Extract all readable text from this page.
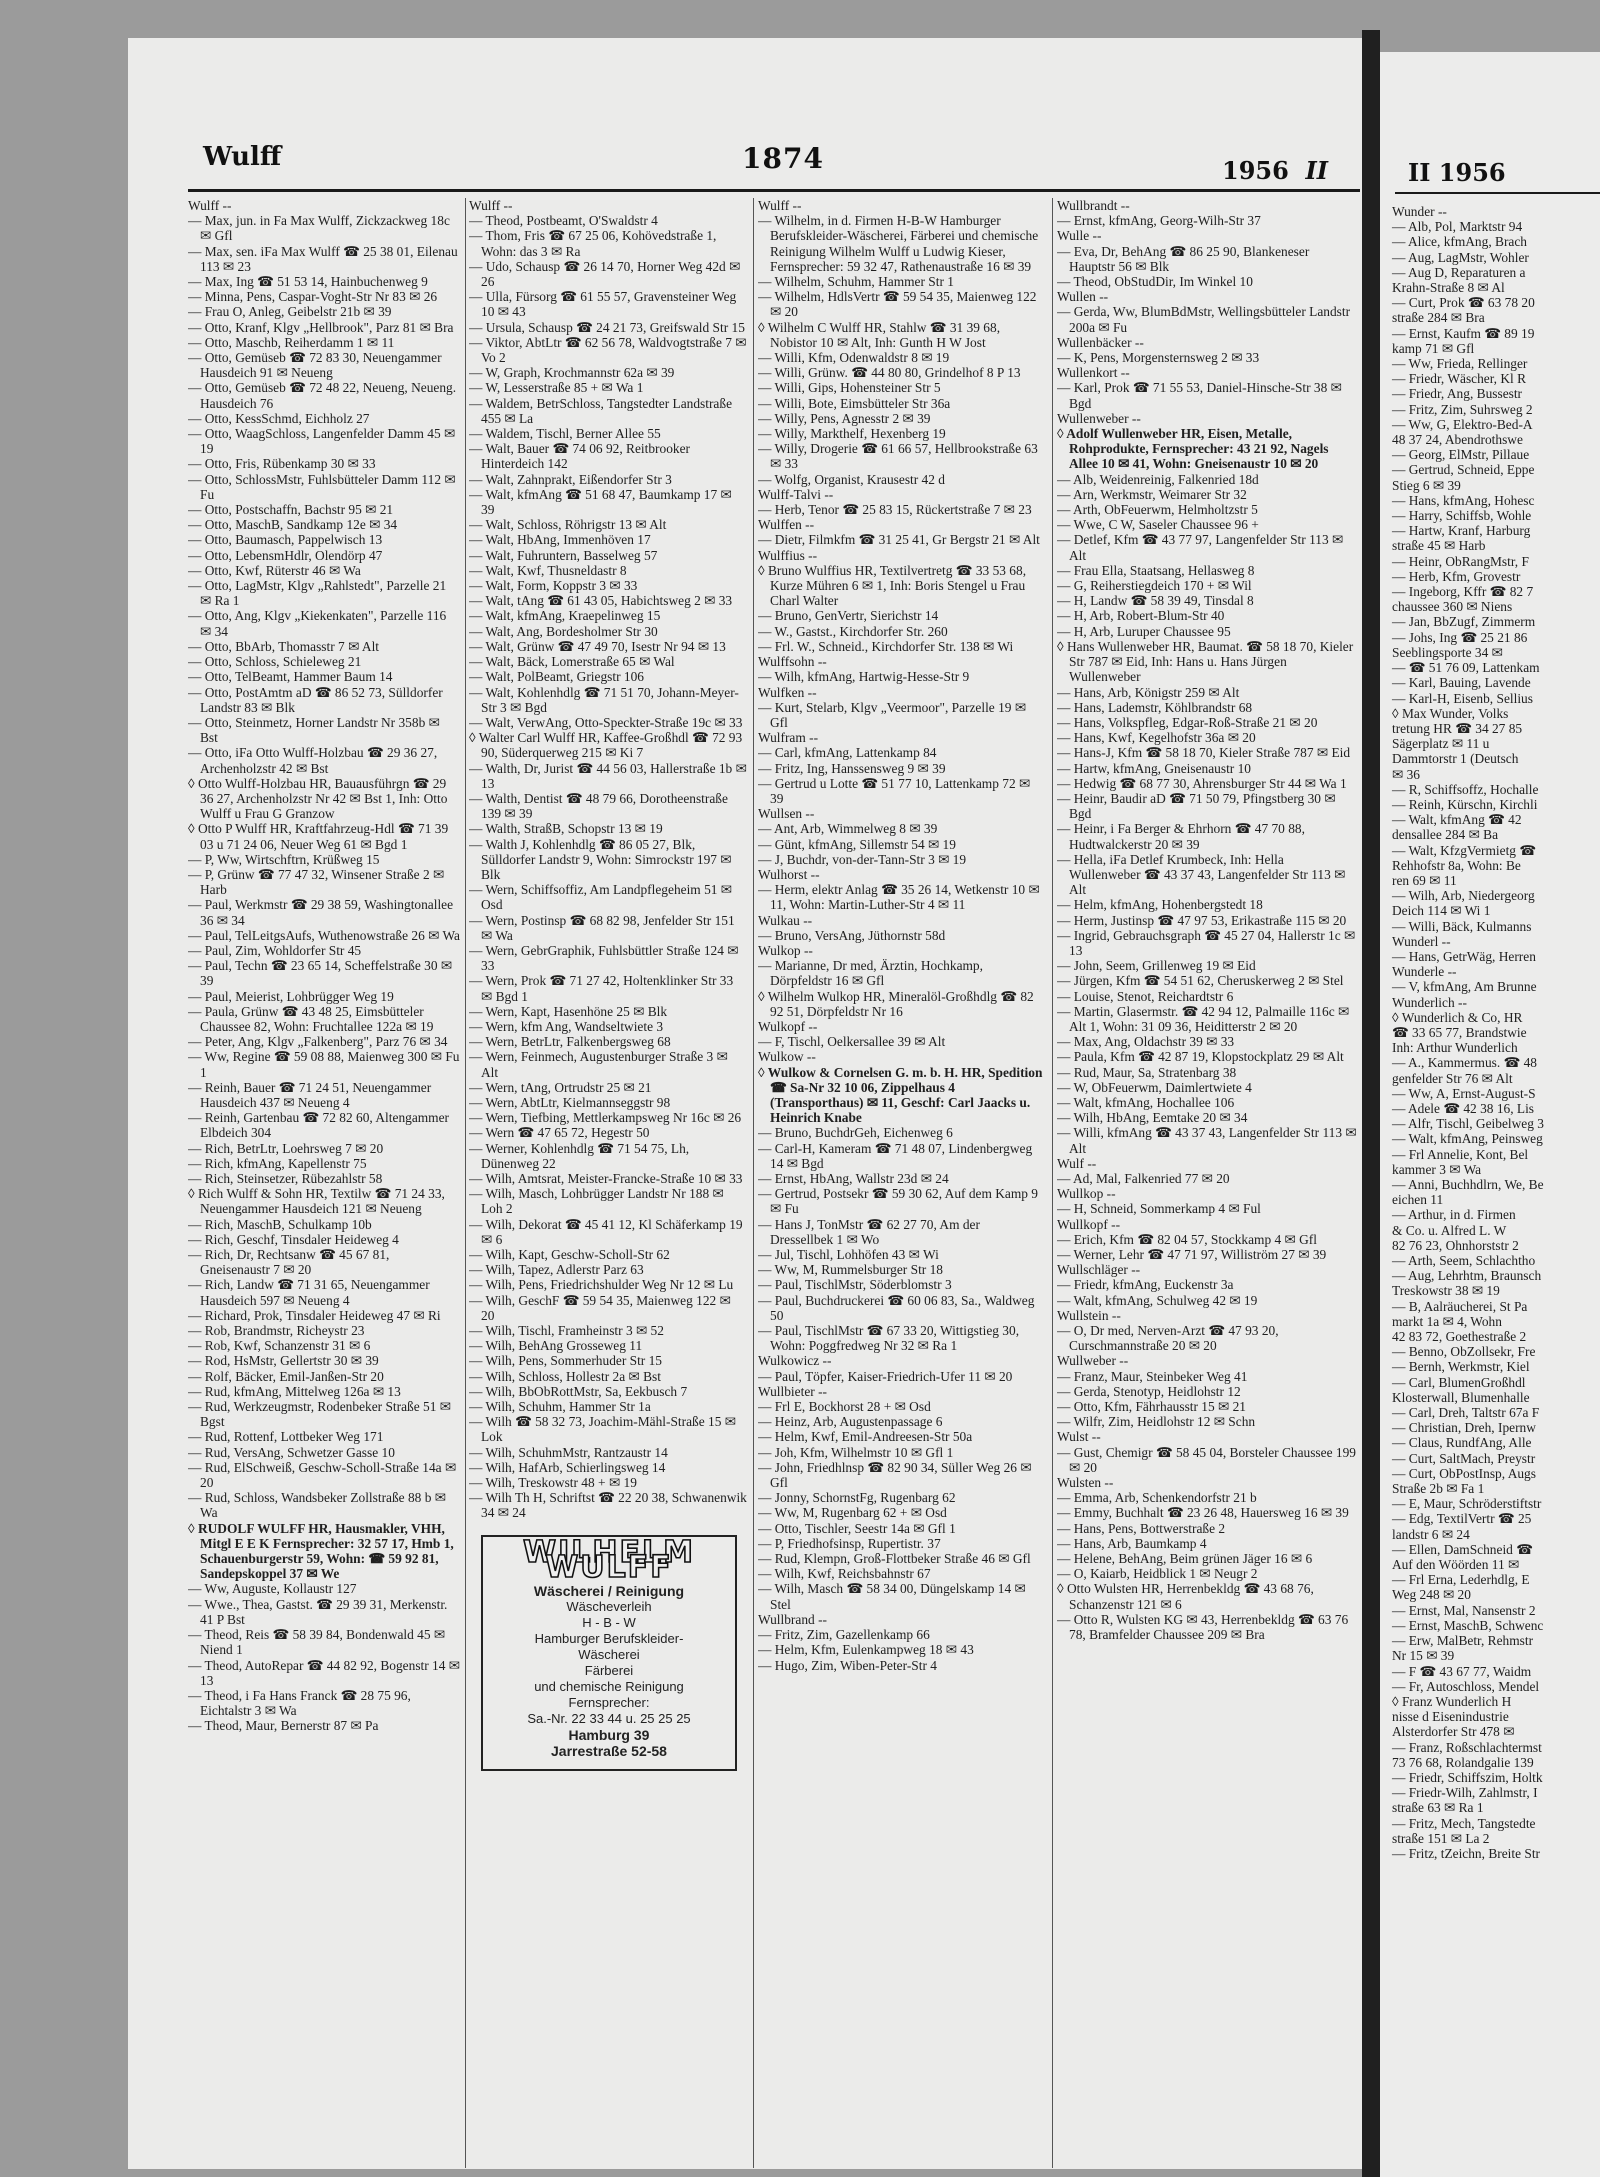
Wunder --
— Alb, Pol, Marktstr 94
— Alice, kfmAng, Brach
— Aug, LagMstr, Wohler
— Aug D, Reparaturen a
Krahn-Straße 8 ✉ Al
— Curt, Prok ☎ 63 78 20
straße 284 ✉ Bra
— Ernst, Kaufm ☎ 89 19
kamp 71 ✉ Gfl
— Ww, Frieda, Rellinger
— Friedr, Wäscher, Kl R
— Friedr, Ang, Bussestr
— Fritz, Zim, Suhrsweg 2
— Ww, G, Elektro-Bed-A
48 37 24, Abendrothswe
— Georg, ElMstr, Pillaue
— Gertrud, Schneid, Eppe
Stieg 6 ✉ 39
— Hans, kfmAng, Hohesc
— Harry, Schiffsb, Wohle
— Hartw, Kranf, Harburg
straße 45 ✉ Harb
— Heinr, ObRangMstr, F
— Herb, Kfm, Grovestr
— Ingeborg, Kffr ☎ 82 7
chaussee 360 ✉ Niens
— Jan, BbZugf, Zimmerm
— Johs, Ing ☎ 25 21 86
Seeblingsporte 34 ✉
— ☎ 51 76 09, Lattenkam
— Karl, Bauing, Lavende
— Karl-H, Eisenb, Sellius
◊ Max Wunder, Volks
tretung HR ☎ 34 27 85
Sägerplatz ✉ 11 u
Dammtorstr 1 (Deutsch
✉ 36
— R, Schiffsoffz, Hochalle
— Reinh, Kürschn, Kirchli
— Walt, kfmAng ☎ 42
densallee 284 ✉ Ba
— Walt, KfzgVermietg ☎
Rehhofstr 8a, Wohn: Be
ren 69 ✉ 11
— Wilh, Arb, Niedergeorg
Deich 114 ✉ Wi 1
— Willi, Bäck, Kulmanns
Wunderl --
— Hans, GetrWäg, Herren
Wunderle --
— V, kfmAng, Am Brunne
Wunderlich --
◊ Wunderlich & Co, HR
☎ 33 65 77, Brandstwie
Inh: Arthur Wunderlich
— A., Kammermus. ☎ 48
genfelder Str 76 ✉ Alt
— Ww, A, Ernst-August-S
— Adele ☎ 42 38 16, Lis
— Alfr, Tischl, Geibelweg 3
— Walt, kfmAng, Peinsweg
— Frl Annelie, Kont, Bel
kammer 3 ✉ Wa
— Anni, Buchhdlrn, We, Be
eichen 11
— Arthur, in d. Firmen
& Co. u. Alfred L. W
82 76 23, Ohnhorststr 2
— Arth, Seem, Schlachtho
— Aug, Lehrhtm, Braunsch
Treskowstr 38 ✉ 19
— B, Aalräucherei, St Pa
markt 1a ✉ 4, Wohn
42 83 72, Goethestraße 2
— Benno, ObZollsekr, Fre
— Bernh, Werkmstr, Kiel
— Carl, BlumenGroßhdl
Klosterwall, Blumenhalle
— Carl, Dreh, Taltstr 67a F
— Christian, Dreh, Ipernw
— Claus, RundfAng, Alle
— Curt, SaltMach, Preystr
— Curt, ObPostInsp, Augs
Straße 2b ✉ Fa 1
— E, Maur, Schröderstiftstr
— Edg, TextilVertr ☎ 25
landstr 6 ✉ 24
— Ellen, DamSchneid ☎
Auf den Wöörden 11 ✉
— Frl Erna, Lederhdlg, E
Weg 248 ✉ 20
— Ernst, Mal, Nansenstr 2
— Ernst, MaschB, Schwenc
— Erw, MalBetr, Rehmstr
Nr 15 ✉ 39
— F ☎ 43 67 77, Waidm
— Fr, Autoschloss, Mendel
◊ Franz Wunderlich H
nisse d Eisenindustrie
Alsterdorfer Str 478 ✉
— Franz, Roßschlachtermst
73 76 68, Rolandgalie 139
— Friedr, Schiffszim, Holtk
— Friedr-Wilh, Zahlmstr, I
straße 63 ✉ Ra 1
— Fritz, Mech, Tangstedte
straße 151 ✉ La 2
— Fritz, tZeichn, Breite Str
Wulff	1874	1956 II	II 1956

Wulff --

— Max, jun. in Fa Max Wulff, Zickzackweg 18c ✉ Gfl

— Max, sen. iFa Max Wulff ☎ 25 38 01, Eilenau 113 ✉ 23

— Max, Ing ☎ 51 53 14, Hainbuchenweg 9

— Minna, Pens, Caspar-Voght-Str Nr 83 ✉ 26

— Frau O, Anleg, Geibelstr 21b ✉ 39

— Otto, Kranf, Klgv „Hellbrook", Parz 81 ✉ Bra

— Otto, Maschb, Reiherdamm 1 ✉ 11

— Otto, Gemüseb ☎ 72 83 30, Neuengammer Hausdeich 91 ✉ Neueng

— Otto, Gemüseb ☎ 72 48 22, Neueng, Neueng. Hausdeich 76

— Otto, KessSchmd, Eichholz 27

— Otto, WaagSchloss, Langenfelder Damm 45 ✉ 19

— Otto, Fris, Rübenkamp 30 ✉ 33

— Otto, SchlossMstr, Fuhlsbütteler Damm 112 ✉ Fu

— Otto, Postschaffn, Bachstr 95 ✉ 21

— Otto, MaschB, Sandkamp 12e ✉ 34

— Otto, Baumasch, Pappelwisch 13

— Otto, LebensmHdlr, Olendörp 47

— Otto, Kwf, Rüterstr 46 ✉ Wa

— Otto, LagMstr, Klgv „Rahlstedt", Parzelle 21 ✉ Ra 1

— Otto, Ang, Klgv „Kiekenkaten", Parzelle 116 ✉ 34

— Otto, BbArb, Thomasstr 7 ✉ Alt

— Otto, Schloss, Schieleweg 21

— Otto, TelBeamt, Hammer Baum 14

— Otto, PostAmtm aD ☎ 86 52 73, Sülldorfer Landstr 83 ✉ Blk

— Otto, Steinmetz, Horner Landstr Nr 358b ✉ Bst

— Otto, iFa Otto Wulff-Holzbau ☎ 29 36 27, Archenholzstr 42 ✉ Bst

◊ Otto Wulff-Holzbau HR, Bauausführgn ☎ 29 36 27, Archenholzstr Nr 42 ✉ Bst 1, Inh: Otto Wulff u Frau G Granzow

◊ Otto P Wulff HR, Kraftfahrzeug-Hdl ☎ 71 39 03 u 71 24 06, Neuer Weg 61 ✉ Bgd 1

— P, Ww, Wirtschftrn, Krüßweg 15

— P, Grünw ☎ 77 47 32, Winsener Straße 2 ✉ Harb

— Paul, Werkmstr ☎ 29 38 59, Washingtonallee 36 ✉ 34

— Paul, TelLeitgsAufs, Wuthenowstraße 26 ✉ Wa

— Paul, Zim, Wohldorfer Str 45

— Paul, Techn ☎ 23 65 14, Scheffelstraße 30 ✉ 39

— Paul, Meierist, Lohbrügger Weg 19

— Paula, Grünw ☎ 43 48 25, Eimsbütteler Chaussee 82, Wohn: Fruchtallee 122a ✉ 19

— Peter, Ang, Klgv „Falkenberg", Parz 76 ✉ 34

— Ww, Regine ☎ 59 08 88, Maienweg 300 ✉ Fu 1

— Reinh, Bauer ☎ 71 24 51, Neuengammer Hausdeich 437 ✉ Neueng 4

— Reinh, Gartenbau ☎ 72 82 60, Altengammer Elbdeich 304

— Rich, BetrLtr, Loehrsweg 7 ✉ 20

— Rich, kfmAng, Kapellenstr 75

— Rich, Steinsetzer, Rübezahlstr 58

◊ Rich Wulff & Sohn HR, Textilw ☎ 71 24 33, Neuengammer Hausdeich 121 ✉ Neueng

— Rich, MaschB, Schulkamp 10b

— Rich, Geschf, Tinsdaler Heideweg 4

— Rich, Dr, Rechtsanw ☎ 45 67 81, Gneisenaustr 7 ✉ 20

— Rich, Landw ☎ 71 31 65, Neuengammer Hausdeich 597 ✉ Neueng 4

— Richard, Prok, Tinsdaler Heideweg 47 ✉ Ri

— Rob, Brandmstr, Richeystr 23

— Rob, Kwf, Schanzenstr 31 ✉ 6

— Rod, HsMstr, Gellertstr 30 ✉ 39

— Rolf, Bäcker, Emil-Janßen-Str 20

— Rud, kfmAng, Mittelweg 126a ✉ 13

— Rud, Werkzeugmstr, Rodenbeker Straße 51 ✉ Bgst

— Rud, Rottenf, Lottbeker Weg 171

— Rud, VersAng, Schwetzer Gasse 10

— Rud, ElSchweiß, Geschw-Scholl-Straße 14a ✉ 20

— Rud, Schloss, Wandsbeker Zollstraße 88 b ✉ Wa

◊ RUDOLF WULFF HR, Hausmakler, VHH, Mitgl E E K Fernsprecher: 32 57 17, Hmb 1, Schauenburgerstr 59, Wohn: ☎ 59 92 81, Sandерskoppel 37 ✉ We

— Ww, Auguste, Kollaustr 127

— Wwe., Thea, Gastst. ☎ 29 39 31, Merkenstr. 41 P Bst

— Theod, Reis ☎ 58 39 84, Bondenwald 45 ✉ Niend 1

— Theod, AutoRepar ☎ 44 82 92, Bogenstr 14 ✉ 13

— Theod, i Fa Hans Franck ☎ 28 75 96, Eichtalstr 3 ✉ Wa

— Theod, Maur, Bernerstr 87 ✉ Pa

Wulff --

— Theod, Postbeamt, O'Swaldstr 4

— Thom, Fris ☎ 67 25 06, Kohövedstraße 1, Wohn: das 3 ✉ Ra

— Udo, Schausp ☎ 26 14 70, Horner Weg 42d ✉ 26

— Ulla, Fürsorg ☎ 61 55 57, Gravensteiner Weg 10 ✉ 43

— Ursula, Schausp ☎ 24 21 73, Greifswald Str 15

— Viktor, AbtLtr ☎ 62 56 78, Waldvogtstraße 7 ✉ Vo 2

— W, Graph, Krochmannstr 62a ✉ 39

— W, Lesserstraße 85 + ✉ Wa 1

— Waldem, BetrSchloss, Tangstedter Landstraße 455 ✉ La

— Waldem, Tischl, Berner Allee 55

— Walt, Bauer ☎ 74 06 92, Reitbrooker Hinterdeich 142

— Walt, Zahnprakt, Eißendorfer Str 3

— Walt, kfmAng ☎ 51 68 47, Baumkamp 17 ✉ 39

— Walt, Schloss, Röhrigstr 13 ✉ Alt

— Walt, HbAng, Immenhöven 17

— Walt, Fuhruntern, Basselweg 57

— Walt, Kwf, Thusneldastr 8

— Walt, Form, Koppstr 3 ✉ 33

— Walt, tAng ☎ 61 43 05, Habichtsweg 2 ✉ 33

— Walt, kfmAng, Kraepelinweg 15

— Walt, Ang, Bordesholmer Str 30

— Walt, Grünw ☎ 47 49 70, Isestr Nr 94 ✉ 13

— Walt, Bäck, Lomerstraße 65 ✉ Wal

— Walt, PolBeamt, Griegstr 106

— Walt, Kohlenhdlg ☎ 71 51 70, Johann-Meyer-Str 3 ✉ Bgd

— Walt, VerwAng, Otto-Speckter-Straße 19c ✉ 33

◊ Walter Carl Wulff HR, Kaffee-Großhdl ☎ 72 93 90, Süderquerweg 215 ✉ Ki 7

— Walth, Dr, Jurist ☎ 44 56 03, Hallerstraße 1b ✉ 13

— Walth, Dentist ☎ 48 79 66, Dorotheenstraße 139 ✉ 39

— Walth, StraßB, Schopstr 13 ✉ 19

— Walth J, Kohlenhdlg ☎ 86 05 27, Blk, Sülldorfer Landstr 9, Wohn: Simrockstr 197 ✉ Blk

— Wern, Schiffsoffiz, Am Landpflegeheim 51 ✉ Osd

— Wern, Postinsp ☎ 68 82 98, Jenfelder Str 151 ✉ Wa

— Wern, GebrGraphik, Fuhlsbüttler Straße 124 ✉ 33

— Wern, Prok ☎ 71 27 42, Holtenklinker Str 33 ✉ Bgd 1

— Wern, Kapt, Hasenhöne 25 ✉ Blk

— Wern, kfm Ang, Wandseltwiete 3

— Wern, BetrLtr, Falkenbergsweg 68

— Wern, Feinmech, Augustenburger Straße 3 ✉ Alt

— Wern, tAng, Ortrudstr 25 ✉ 21

— Wern, AbtLtr, Kielmannseggstr 98

— Wern, Tiefbing, Mettlerkampsweg Nr 16c ✉ 26

— Wern ☎ 47 65 72, Hegestr 50

— Werner, Kohlenhdlg ☎ 71 54 75, Lh, Dünenweg 22

— Wilh, Amtsrat, Meister-Francke-Straße 10 ✉ 33

— Wilh, Masch, Lohbrügger Landstr Nr 188 ✉ Loh 2

— Wilh, Dekorat ☎ 45 41 12, Kl Schäferkamp 19 ✉ 6

— Wilh, Kapt, Geschw-Scholl-Str 62

— Wilh, Tapez, Adlerstr Parz 63

— Wilh, Pens, Friedrichshulder Weg Nr 12 ✉ Lu

— Wilh, GeschF ☎ 59 54 35, Maienweg 122 ✉ 20

— Wilh, Tischl, Framheinstr 3 ✉ 52

— Wilh, BehAng Grosseweg 11

— Wilh, Pens, Sommerhuder Str 15

— Wilh, Schloss, Hollestr 2a ✉ Bst

— Wilh, BbObRottMstr, Sa, Eekbusch 7

— Wilh, Schuhm, Hammer Str 1a

— Wilh ☎ 58 32 73, Joachim-Mähl-Straße 15 ✉ Lok

— Wilh, SchuhmMstr, Rantzaustr 14

— Wilh, HafArb, Schierlingsweg 14

— Wilh, Treskowstr 48 + ✉ 19

— Wilh Th H, Schriftst ☎ 22 20 38, Schwanenwik 34 ✉ 24

WILHELM WULFF
Wäscherei / Reinigung
Wäscheverleih
H - B - W
Hamburger Berufskleider-
Wäscherei
Färberei
und chemische Reinigung
Fernsprecher:
Sa.-Nr. 22 33 44 u. 25 25 25
Hamburg 39
Jarrestraße 52-58

Wulff --

— Wilhelm, in d. Firmen H-B-W Hamburger Berufskleider-Wäscherei, Färberei und chemische Reinigung Wilhelm Wulff u Ludwig Kieser, Fernsprecher: 59 32 47, Rathenaustraße 16 ✉ 39

— Wilhelm, Schuhm, Hammer Str 1

— Wilhelm, HdlsVertr ☎ 59 54 35, Maienweg 122 ✉ 20

◊ Wilhelm C Wulff HR, Stahlw ☎ 31 39 68, Nobistor 10 ✉ Alt, Inh: Gunth H W Jost

— Willi, Kfm, Odenwaldstr 8 ✉ 19

— Willi, Grünw. ☎ 44 80 80, Grindelhof 8 P 13

— Willi, Gips, Hohensteiner Str 5

— Willi, Bote, Eimsbütteler Str 36a

— Willy, Pens, Agnesstr 2 ✉ 39

— Willy, Markthelf, Hexenberg 19

— Willy, Drogerie ☎ 61 66 57, Hellbrookstraße 63 ✉ 33

— Wolfg, Organist, Krausestr 42 d

Wulff-Talvi --

— Herb, Tenor ☎ 25 83 15, Rückertstraße 7 ✉ 23

Wulffen --

— Dietr, Filmkfm ☎ 31 25 41, Gr Bergstr 21 ✉ Alt

Wulffius --

◊ Bruno Wulffius HR, Textilvertretg ☎ 33 53 68, Kurze Mühren 6 ✉ 1, Inh: Boris Stengel u Frau Charl Walter

— Bruno, GenVertr, Sierichstr 14

— W., Gastst., Kirchdorfer Str. 260

— Frl. W., Schneid., Kirchdorfer Str. 138 ✉ Wi

Wulffsohn --

— Wilh, kfmAng, Hartwig-Hesse-Str 9

Wulfken --

— Kurt, Stelarb, Klgv „Veermoor", Parzelle 19 ✉ Gfl

Wulfram --

— Carl, kfmAng, Lattenkamp 84

— Fritz, Ing, Hanssensweg 9 ✉ 39

— Gertrud u Lotte ☎ 51 77 10, Lattenkamp 72 ✉ 39

Wullsen --

— Ant, Arb, Wimmelweg 8 ✉ 39

— Günt, kfmAng, Sillemstr 54 ✉ 19

— J, Buchdr, von-der-Tann-Str 3 ✉ 19

Wulhorst --

— Herm, elektr Anlag ☎ 35 26 14, Wetkenstr 10 ✉ 11, Wohn: Martin-Luther-Str 4 ✉ 11

Wulkau --

— Bruno, VersAng, Jüthornstr 58d

Wulkop --

— Marianne, Dr med, Ärztin, Hochkamp, Dörpfeldstr 16 ✉ Gfl

◊ Wilhelm Wulkop HR, Mineralöl-Großhdlg ☎ 82 92 51, Dörpfeldstr Nr 16

Wulkopf --

— F, Tischl, Oelkersallee 39 ✉ Alt

Wulkow --

◊ Wulkow & Cornelsen G. m. b. H. HR, Spedition ☎ Sa-Nr 32 10 06, Zippelhaus 4 (Transporthaus) ✉ 11, Geschf: Carl Jaacks u. Heinrich Knabe

— Bruno, BuchdrGeh, Eichenweg 6

— Carl-H, Kameram ☎ 71 48 07, Lindenbergweg 14 ✉ Bgd

— Ernst, HbAng, Wallstr 23d ✉ 24

— Gertrud, Postsekr ☎ 59 30 62, Auf dem Kamp 9 ✉ Fu

— Hans J, TonMstr ☎ 62 27 70, Am der Dressellbek 1 ✉ Wo

— Jul, Tischl, Lohhöfen 43 ✉ Wi

— Ww, M, Rummelsburger Str 18

— Paul, TischlMstr, Söderblomstr 3

— Paul, Buchdruckerei ☎ 60 06 83, Sa., Waldweg 50

— Paul, TischlMstr ☎ 67 33 20, Wittigstieg 30, Wohn: Poggfredweg Nr 32 ✉ Ra 1

Wulkowicz --

— Paul, Töpfer, Kaiser-Friedrich-Ufer 11 ✉ 20

Wullbieter --

— Frl E, Bockhorst 28 + ✉ Osd

— Heinz, Arb, Augustenpassage 6

— Helm, Kwf, Emil-Andreesen-Str 50a

— Joh, Kfm, Wilhelmstr 10 ✉ Gfl 1

— John, Friedhlnsp ☎ 82 90 34, Süller Weg 26 ✉ Gfl

— Jonny, SchornstFg, Rugenbarg 62

— Ww, M, Rugenbarg 62 + ✉ Osd

— Otto, Tischler, Seestr 14a ✉ Gfl 1

— P, Friedhofsinsp, Rupertistr. 37

— Rud, Klempn, Groß-Flottbeker Straße 46 ✉ Gfl

— Wilh, Kwf, Reichsbahnstr 67

— Wilh, Masch ☎ 58 34 00, Düngelskamp 14 ✉ Stel

Wullbrand --

— Fritz, Zim, Gazellenkamp 66

— Helm, Kfm, Eulenkampweg 18 ✉ 43

— Hugo, Zim, Wiben-Peter-Str 4

Wullbrandt --

— Ernst, kfmAng, Georg-Wilh-Str 37

Wulle --

— Eva, Dr, BehAng ☎ 86 25 90, Blankeneser Hauptstr 56 ✉ Blk

— Theod, ObStudDir, Im Winkel 10

Wullen --

— Gerda, Ww, BlumBdMstr, Wellingsbütteler Landstr 200a ✉ Fu

Wullenbäcker --

— K, Pens, Morgensternsweg 2 ✉ 33

Wullenkort --

— Karl, Prok ☎ 71 55 53, Daniel-Hinsche-Str 38 ✉ Bgd

Wullenweber --

◊ Adolf Wullenweber HR, Eisen, Metalle, Rohprodukte, Fernsprecher: 43 21 92, Nagels Allee 10 ✉ 41, Wohn: Gneisenaustr 10 ✉ 20

— Alb, Weidenreinig, Falkenried 18d

— Arn, Werkmstr, Weimarer Str 32

— Arth, ObFeuerwm, Helmholtzstr 5

— Wwe, C W, Saseler Chaussee 96 +

— Detlef, Kfm ☎ 43 77 97, Langenfelder Str 113 ✉ Alt

— Frau Ella, Staatsang, Hellasweg 8

— G, Reiherstiegdeich 170 + ✉ Wil

— H, Landw ☎ 58 39 49, Tinsdal 8

— H, Arb, Robert-Blum-Str 40

— H, Arb, Luruper Chaussee 95

◊ Hans Wullenweber HR, Baumat. ☎ 58 18 70, Kieler Str 787 ✉ Eid, Inh: Hans u. Hans Jürgen Wullenweber

— Hans, Arb, Königstr 259 ✉ Alt

— Hans, Lademstr, Köhlbrandstr 68

— Hans, Volkspfleg, Edgar-Roß-Straße 21 ✉ 20

— Hans, Kwf, Kegelhofstr 36a ✉ 20

— Hans-J, Kfm ☎ 58 18 70, Kieler Straße 787 ✉ Eid

— Hartw, kfmAng, Gneisenaustr 10

— Hedwig ☎ 68 77 30, Ahrensburger Str 44 ✉ Wa 1

— Heinr, Baudir aD ☎ 71 50 79, Pfingstberg 30 ✉ Bgd

— Heinr, i Fa Berger & Ehrhorn ☎ 47 70 88, Hudtwalckerstr 20 ✉ 39

— Hella, iFa Detlef Krumbeck, Inh: Hella Wullenweber ☎ 43 37 43, Langenfelder Str 113 ✉ Alt

— Helm, kfmAng, Hohenbergstedt 18

— Herm, Justinsp ☎ 47 97 53, Erikastraße 115 ✉ 20

— Ingrid, Gebrauchsgraph ☎ 45 27 04, Hallerstr 1c ✉ 13

— John, Seem, Grillenweg 19 ✉ Eid

— Jürgen, Kfm ☎ 54 51 62, Cheruskerweg 2 ✉ Stel

— Louise, Stenot, Reichardtstr 6

— Martin, Glasermstr. ☎ 42 94 12, Palmaille 116c ✉ Alt 1, Wohn: 31 09 36, Heiditterstr 2 ✉ 20

— Max, Ang, Oldachstr 39 ✉ 33

— Paula, Kfm ☎ 42 87 19, Klopstockplatz 29 ✉ Alt

— Rud, Maur, Sa, Stratenbarg 38

— W, ObFeuerwm, Daimlertwiete 4

— Walt, kfmAng, Hochallee 106

— Wilh, HbAng, Eemtake 20 ✉ 34

— Willi, kfmAng ☎ 43 37 43, Langenfelder Str 113 ✉ Alt

Wulf --

— Ad, Mal, Falkenried 77 ✉ 20

Wullkop --

— H, Schneid, Sommerkamp 4 ✉ Ful

Wullkopf --

— Erich, Kfm ☎ 82 04 57, Stockkamp 4 ✉ Gfl

— Werner, Lehr ☎ 47 71 97, Williström 27 ✉ 39

Wullschläger --

— Friedr, kfmAng, Euckenstr 3a

— Walt, kfmAng, Schulweg 42 ✉ 19

Wullstein --

— O, Dr med, Nerven-Arzt ☎ 47 93 20, Curschmannstraße 20 ✉ 20

Wullweber --

— Franz, Maur, Steinbeker Weg 41

— Gerda, Stenotyp, Heidlohstr 12

— Otto, Kfm, Fährhausstr 15 ✉ 21

— Wilfr, Zim, Heidlohstr 12 ✉ Schn

Wulst --

— Gust, Chemigr ☎ 58 45 04, Borsteler Chaussee 199 ✉ 20

Wulsten --

— Emma, Arb, Schenkendorfstr 21 b

— Emmy, Buchhalt ☎ 23 26 48, Hauersweg 16 ✉ 39

— Hans, Pens, Bottwerstraße 2

— Hans, Arb, Baumkamp 4

— Helene, BehAng, Beim grünen Jäger 16 ✉ 6

— O, Kaiarb, Heidblick 1 ✉ Neugr 2

◊ Otto Wulsten HR, Herrenbekldg ☎ 43 68 76, Schanzenstr 121 ✉ 6

— Otto R, Wulsten KG ✉ 43, Herrenbekldg ☎ 63 76 78, Bramfelder Chaussee 209 ✉ Bra
